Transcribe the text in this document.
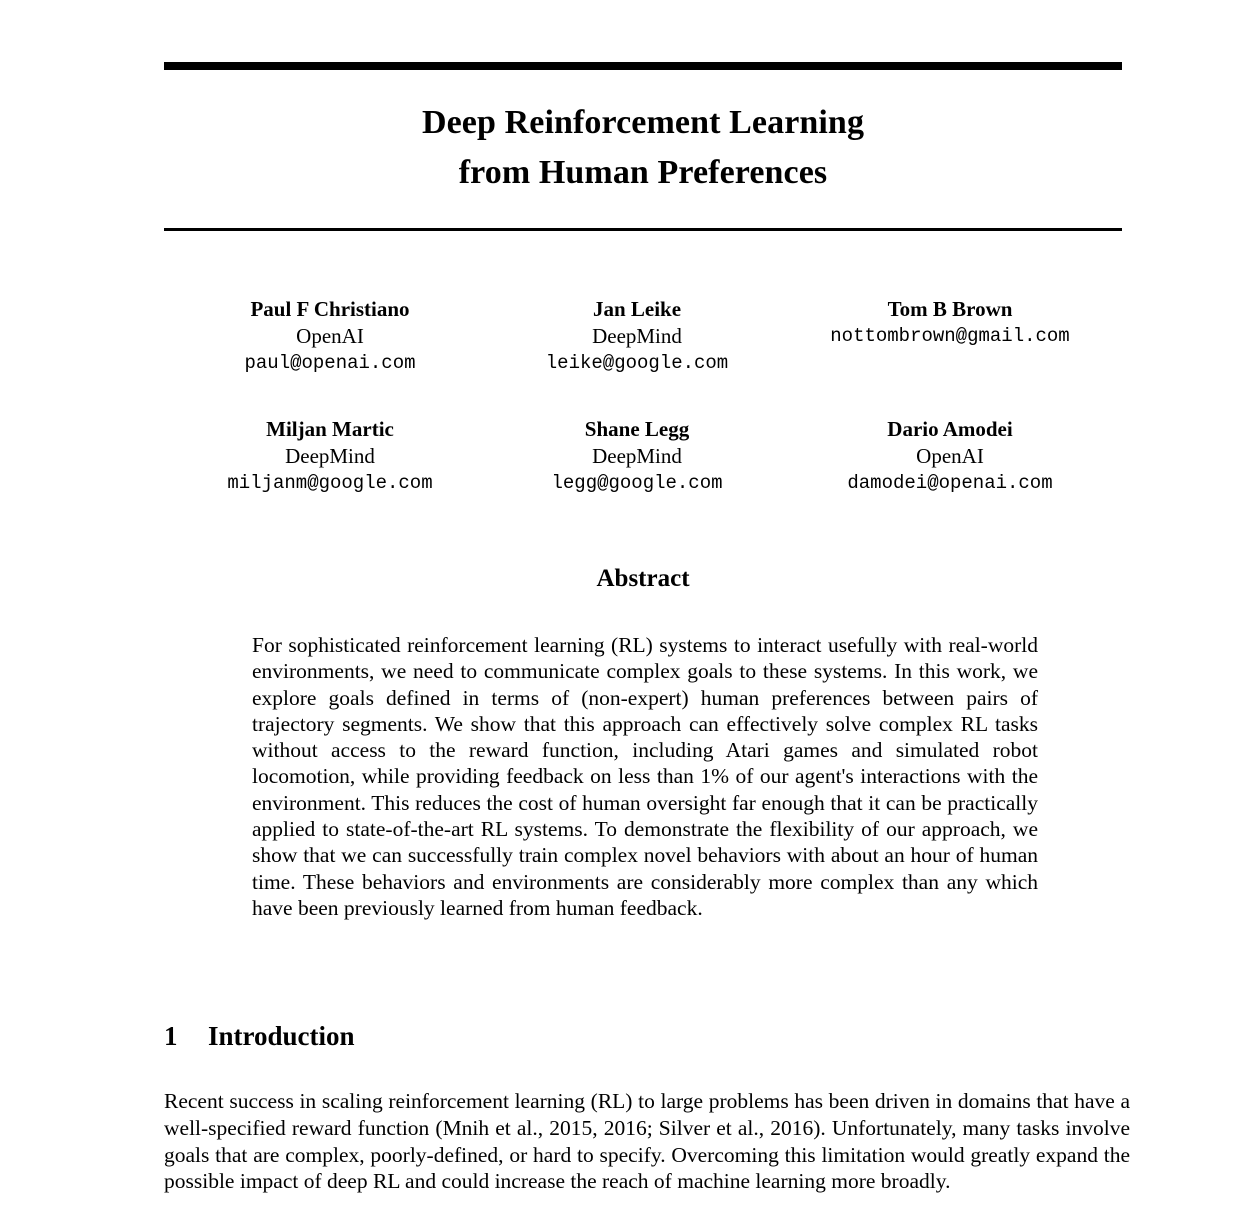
Deep Reinforcement Learning
from Human Preferences
Paul F Christiano
OpenAI
paul@openai.com
Jan Leike
DeepMind
leike@google.com
Tom B Brown
nottombrown@gmail.com
Miljan Martic
DeepMind
miljanm@google.com
Shane Legg
DeepMind
legg@google.com
Dario Amodei
OpenAI
damodei@openai.com
Abstract
For sophisticated reinforcement learning (RL) systems to interact usefully with real-world environments, we need to communicate complex goals to these systems. In this work, we explore goals defined in terms of (non-expert) human preferences between pairs of trajectory segments. We show that this approach can effectively solve complex RL tasks without access to the reward function, including Atari games and simulated robot locomotion, while providing feedback on less than 1% of our agent's interactions with the environment. This reduces the cost of human oversight far enough that it can be practically applied to state-of-the-art RL systems. To demonstrate the flexibility of our approach, we show that we can successfully train complex novel behaviors with about an hour of human time. These behaviors and environments are considerably more complex than any which have been previously learned from human feedback.
1 Introduction
Recent success in scaling reinforcement learning (RL) to large problems has been driven in domains that have a well-specified reward function (Mnih et al., 2015, 2016; Silver et al., 2016). Unfortunately, many tasks involve goals that are complex, poorly-defined, or hard to specify. Overcoming this limitation would greatly expand the possible impact of deep RL and could increase the reach of machine learning more broadly.
